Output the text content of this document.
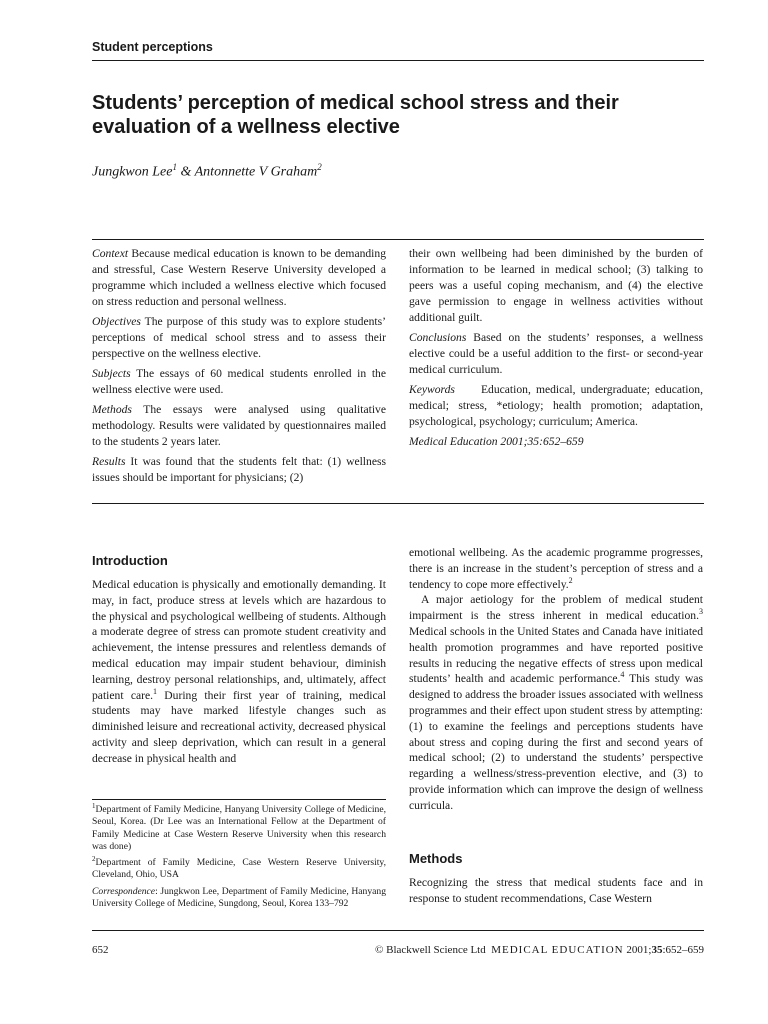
Student perceptions
Students’ perception of medical school stress and their evaluation of a wellness elective
Jungkwon Lee$^1$ & Antonnette V Graham$^2$

Context Because medical education is known to be demanding and stressful, Case Western Reserve University developed a programme which included a wellness elective which focused on stress reduction and personal wellness.

Objectives The purpose of this study was to explore students’ perceptions of medical school stress and to assess their perspective on the wellness elective.

Subjects The essays of 60 medical students enrolled in the wellness elective were used.

Methods The essays were analysed using qualitative methodology. Results were validated by questionnaires mailed to the students 2 years later.

Results It was found that the students felt that: (1) wellness issues should be important for physicians; (2)

their own wellbeing had been diminished by the burden of information to be learned in medical school; (3) talking to peers was a useful coping mechanism, and (4) the elective gave permission to engage in wellness activities without additional guilt.

Conclusions Based on the students’ responses, a wellness elective could be a useful addition to the first- or second-year medical curriculum.

Keywords Education, medical, undergraduate; education, medical; stress, *etiology; health promotion; adaptation, psychological, psychology; curriculum; America.

Medical Education 2001;35:652–659

Introduction

Medical education is physically and emotionally demanding. It may, in fact, produce stress at levels which are hazardous to the physical and psychological wellbeing of students. Although a moderate degree of stress can promote student creativity and achievement, the intense pressures and relentless demands of medical education may impair student behaviour, diminish learning, destroy personal relationships, and, ultimately, affect patient care.$^1$ During their first year of training, medical students may have marked lifestyle changes such as diminished leisure and recreational activity, decreased physical activity and sleep deprivation, which can result in a general decrease in physical health and

emotional wellbeing. As the academic programme progresses, there is an increase in the student’s perception of stress and a tendency to cope more effectively.$^2$

A major aetiology for the problem of medical student impairment is the stress inherent in medical education.$^3$ Medical schools in the United States and Canada have initiated health promotion programmes and have reported positive results in reducing the negative effects of stress upon medical students’ health and academic performance.$^4$ This study was designed to address the broader issues associated with wellness programmes and their effect upon student stress by attempting: (1) to examine the feelings and perceptions students have about stress and coping during the first and second years of medical school; (2) to understand the students’ perspective regarding a wellness/stress-prevention elective, and (3) to provide information which can improve the design of wellness curricula.

Methods

Recognizing the stress that medical students face and in response to student recommendations, Case Western

$^1$Department of Family Medicine, Hanyang University College of Medicine, Seoul, Korea. (Dr Lee was an International Fellow at the Department of Family Medicine at Case Western Reserve University when this research was done)

$^2$Department of Family Medicine, Case Western Reserve University, Cleveland, Ohio, USA

Correspondence: Jungkwon Lee, Department of Family Medicine, Hanyang University College of Medicine, Sungdong, Seoul, Korea 133–792

652	© Blackwell Science Ltd MEDICAL EDUCATION 2001;35:652–659
